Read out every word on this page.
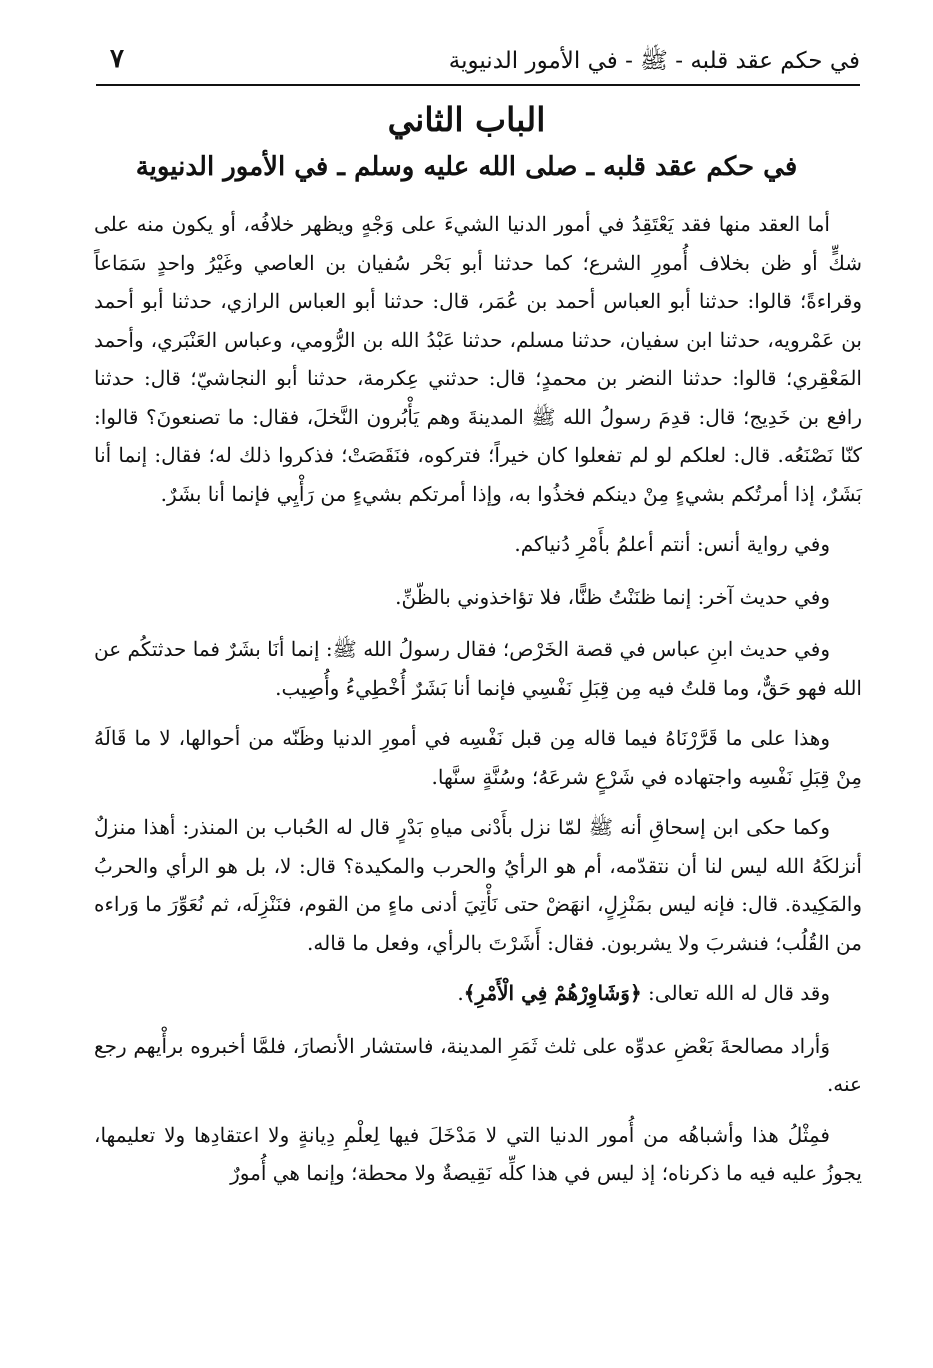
في حكم عقد قلبه - ﷺ - في الأمور الدنيوية
٧
الباب الثاني
في حكم عقد قلبه ـ صلى الله عليه وسلم ـ في الأمور الدنيوية

أما العقد منها فقد يَعْتَقِدُ في أمور الدنيا الشيءَ على وَجْهٍ ويظهر خلافُه، أو يكون منه على شكٍّ أو ظن بخلاف أُمورِ الشرع؛ كما حدثنا أبو بَحْر سُفيان بن العاصي وغَيْرُ واحدٍ سَمَاعاً وقراءةً؛ قالوا: حدثنا أبو العباس أحمد بن عُمَر، قال: حدثنا أبو العباس الرازي، حدثنا أبو أحمد بن عَمْرويه، حدثنا ابن سفيان، حدثنا مسلم، حدثنا عَبْدُ الله بن الرُّومي، وعباس العَنْبَري، وأحمد المَعْقِري؛ قالوا: حدثنا النضر بن محمدٍ؛ قال: حدثني عِكرمة، حدثنا أبو النجاشيّ؛ قال: حدثنا رافع بن خَدِيج؛ قال: قدِمَ رسولُ الله ﷺ المدينةَ وهم يَأْبُرون النَّخلَ، فقال: ما تصنعونَ؟ قالوا: كنّا نَصْنَعُه. قال: لعلكم لو لم تفعلوا كان خيراً؛ فتركوه، فنَقَصَتْ؛ فذكروا ذلك له؛ فقال: إنما أنا بَشَرٌ، إذا أمرتُكم بشيءٍ مِنْ دينكم فخذُوا به، وإذا أمرتكم بشيءٍ من رَأْيِي فإنما أنا بشَرٌ.

وفي رواية أنس: أنتم أعلمُ بأَمْرِ دُنياكم.

وفي حديث آخر: إنما ظنَنْتُ ظنًّا، فلا تؤاخذوني بالظّنِّ.

وفي حديث ابنِ عباس في قصة الخَرْص؛ فقال رسولُ الله ﷺ: إنما أنَا بشَرٌ فما حدثتكُم عن الله فهو حَقٌّ، وما قلتُ فيه مِن قِبَلِ نَفْسِي فإنما أنا بَشَرٌ أُخْطِيءُ وأُصِيب.

وهذا على ما قَرَّرْنَاهُ فيما قاله مِن قبل نَفْسِه في أمورِ الدنيا وظَنّه من أحوالها، لا ما قَالَهُ مِنْ قِبَلِ نَفْسِه واجتهاده في شَرْعٍ شرعَهُ؛ وسُنَّةٍ سنَّها.

وكما حكى ابن إسحاقِ أنه ﷺ لمّا نزل بأَدْنى مياهِ بَدْرٍ قال له الحُباب بن المنذر: أهذا منزلٌ أنزلكَهُ الله ليس لنا أن نتقدّمه، أم هو الرأيُ والحرب والمكيدة؟ قال: لا، بل هو الرأي والحربُ والمَكِيدة. قال: فإنه ليس بمَنْزِلٍ، انهَضْ حتى نَأْتِيَ أدنى ماءٍ من القوم، فنَنْزِلَه، ثم نُعَوِّرَ ما وَراءه من القُلُب؛ فنشربَ ولا يشربون. فقال: أَشَرْتَ بالرأي، وفعل ما قاله.

وقد قال له الله تعالى: ﴿وَشَاوِرْهُمْ فِي الْأَمْرِ﴾.

وَأراد مصالحةَ بَعْضِ عدوِّه على ثلث ثَمَرِ المدينة، فاستشار الأنصارَ، فلمَّا أخبروه برأْيهم رجع عنه.

فمِثْلُ هذا وأشباهُه من أُمور الدنيا التي لا مَدْخَلَ فيها لِعلْمِ دِيانةٍ ولا اعتقادِها ولا تعليمها، يجوزُ عليه فيه ما ذكرناه؛ إذ ليس في هذا كلِّه نَقِيصةٌ ولا محطة؛ وإنما هي أُمورٌ
